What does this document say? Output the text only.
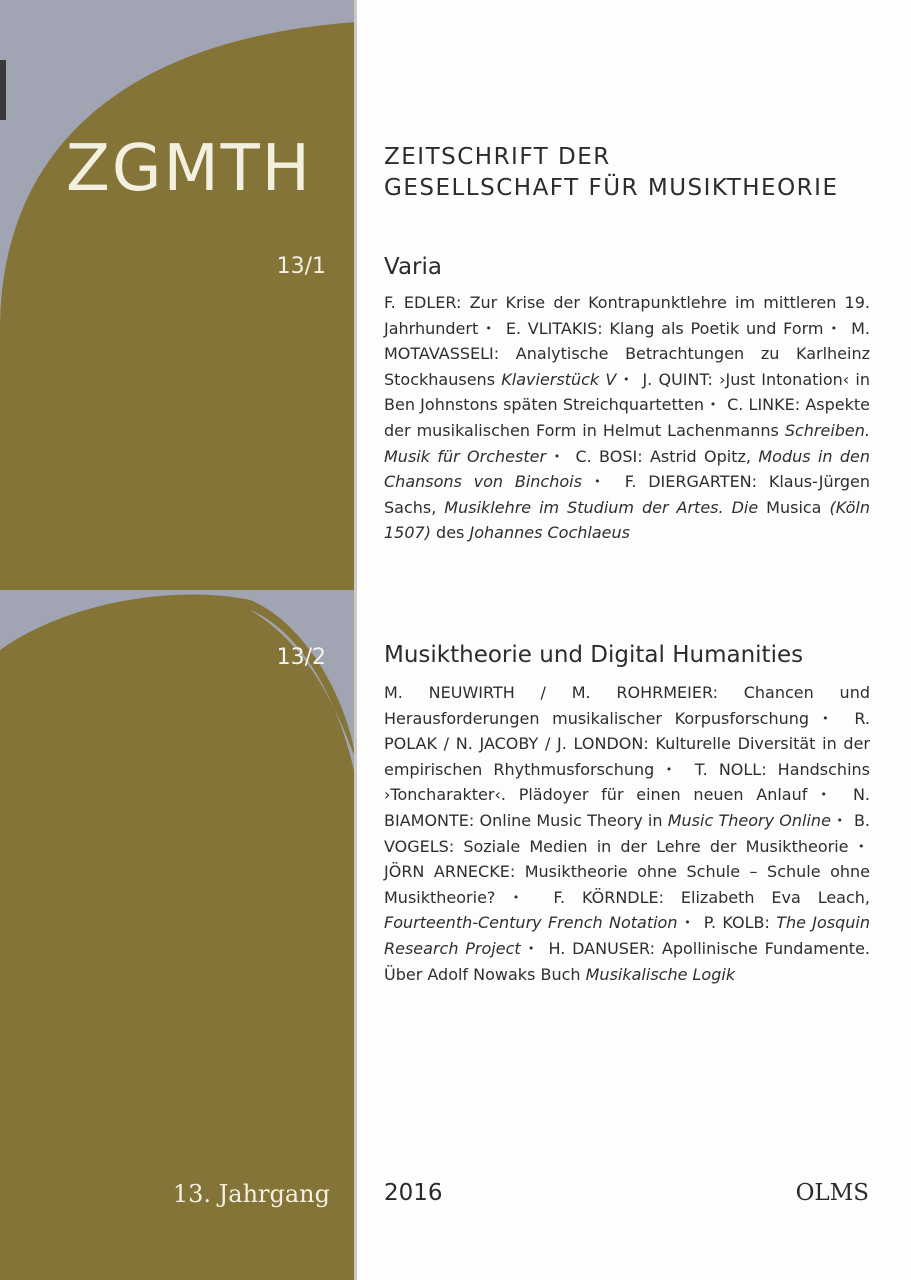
ZGMTH
13/1
13/2
13. Jahrgang
ZEITSCHRIFT DER
GESELLSCHAFT FÜR MUSIKTHEORIE
Varia
F. EDLER: Zur Krise der Kontrapunktlehre im mittleren 19. Jahrhundert •  E. VLITAKIS: Klang als Poetik und Form •  M. MOTAVASSELI: Analytische Betrachtungen zu Karlheinz Stockhausens Klavierstück V •  J. QUINT: ›Just Intonation‹ in Ben Johnstons späten Streichquartetten •  C. LINKE: Aspekte der musikalischen Form in Helmut Lachenmanns Schreiben. Musik für Orchester •  C. BOSI: Astrid Opitz, Modus in den Chansons von Binchois •  F. DIERGARTEN: Klaus-Jürgen Sachs, Musiklehre im Studium der Artes. Die Musica (Köln 1507) des Johannes Cochlaeus
Musiktheorie und Digital Humanities
M. NEUWIRTH / M. ROHRMEIER: Chancen und Herausforderungen musikalischer Korpusforschung •  R. POLAK / N. JACOBY / J. LONDON: Kulturelle Diversität in der empirischen Rhythmusforschung •  T. NOLL: Handschins ›Toncharakter‹. Plädoyer für einen neuen Anlauf •  N. BIAMONTE: Online Music Theory in Music Theory Online •  B. VOGELS: Soziale Medien in der Lehre der Musiktheorie •  JÖRN ARNECKE: Musiktheorie ohne Schule – Schule ohne Musiktheorie? •  F. KÖRNDLE: Elizabeth Eva Leach, Fourteenth-Century French Notation •  P. KOLB: The Josquin Research Project •  H. DANUSER: Apollinische Fundamente. Über Adolf Nowaks Buch Musikalische Logik
2016	OLMS
